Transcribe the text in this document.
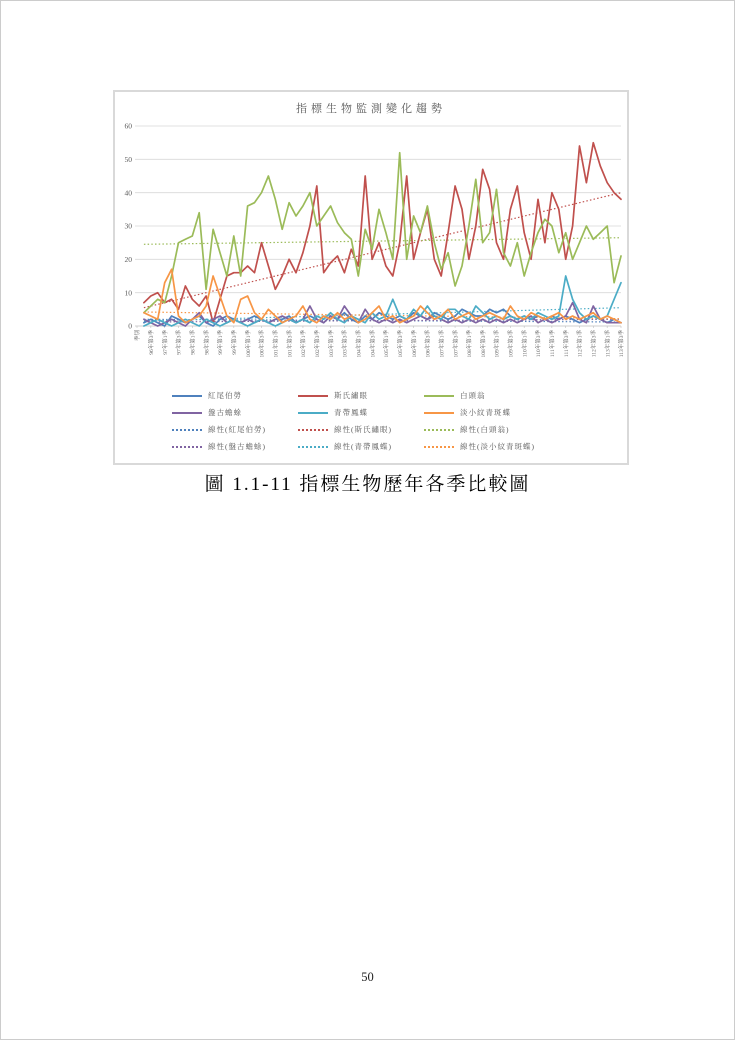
指標生物監測變化趨勢
0
10
20
30
40
50
60
季別	96年第3季	97年第1季	97年第3季	98年第1季	98年第3季	99年第1季	99年第3季	100年第1季	100年第3季	101年第1季	101年第3季	102年第1季	102年第3季	103年第1季	103年第3季	104年第1季	104年第3季	105年第1季	105年第3季	106年第1季	106年第3季	107年第1季	107年第3季	108年第1季	108年第3季	109年第1季	109年第3季	110年第1季	110年第3季	111年第1季	111年第3季	112年第1季	112年第3季	113年第1季	113年第3季
紅尾伯勞	斯氏繡眼	白頭翁
盤古蟾蜍	青帶鳳蝶	淡小紋青斑蝶
線性(紅尾伯勞)	線性(斯氏繡眼)	線性(白頭翁)
線性(盤古蟾蜍)	線性(青帶鳳蝶)	線性(淡小紋青斑蝶)
圖 1.1-11 指標生物歷年各季比較圖
50
